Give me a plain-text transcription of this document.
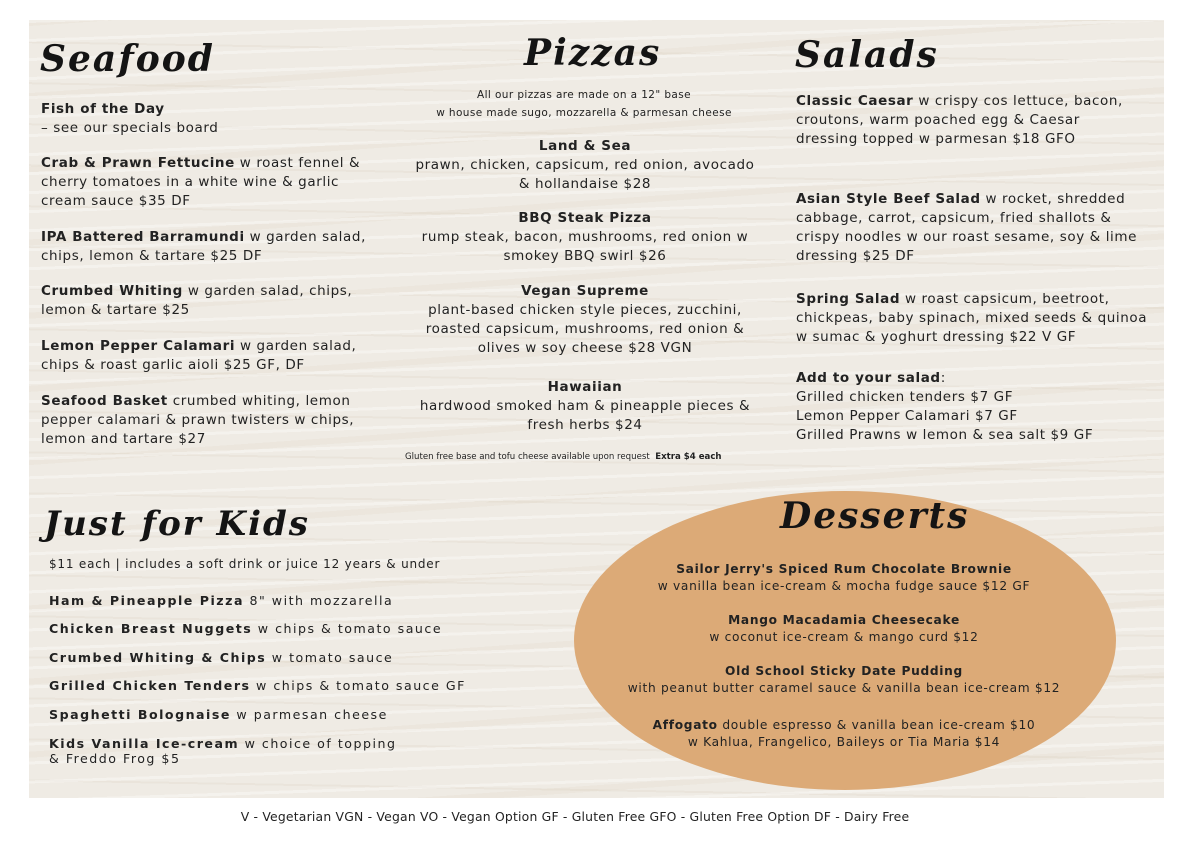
Seafood

Fish of the Day
– see our specials board

Crab & Prawn Fettucine w roast fennel & cherry tomatoes in a white wine & garlic cream sauce $35 DF

IPA Battered Barramundi w garden salad, chips, lemon & tartare $25 DF

Crumbed Whiting w garden salad, chips, lemon & tartare $25

Lemon Pepper Calamari w garden salad, chips & roast garlic aioli $25 GF, DF

Seafood Basket crumbed whiting, lemon pepper calamari & prawn twisters w chips, lemon and tartare $27

Pizzas
All our pizzas are made on a 12" base
w house made sugo, mozzarella & parmesan cheese

Land & Sea
prawn, chicken, capsicum, red onion, avocado & hollandaise $28

BBQ Steak Pizza
rump steak, bacon, mushrooms, red onion w smokey BBQ swirl $26

Vegan Supreme
plant-based chicken style pieces, zucchini, roasted capsicum, mushrooms, red onion & olives w soy cheese $28 VGN

Hawaiian
hardwood smoked ham & pineapple pieces & fresh herbs $24

Gluten free base and tofu cheese available upon request Extra $4 each
Salads

Classic Caesar w crispy cos lettuce, bacon, croutons, warm poached egg & Caesar dressing topped w parmesan $18 GFO

Asian Style Beef Salad w rocket, shredded cabbage, carrot, capsicum, fried shallots & crispy noodles w our roast sesame, soy & lime dressing $25 DF

Spring Salad w roast capsicum, beetroot, chickpeas, baby spinach, mixed seeds & quinoa w sumac & yoghurt dressing $22 V GF

Add to your salad:
Grilled chicken tenders $7 GF
Lemon Pepper Calamari $7 GF
Grilled Prawns w lemon & sea salt $9 GF
Just for Kids
$11 each | includes a soft drink or juice 12 years & under
Ham & Pineapple Pizza 8" with mozzarella
Chicken Breast Nuggets w chips & tomato sauce
Crumbed Whiting & Chips w tomato sauce
Grilled Chicken Tenders w chips & tomato sauce GF
Spaghetti Bolognaise w parmesan cheese
Kids Vanilla Ice-cream w choice of topping
& Freddo Frog $5
Desserts
Sailor Jerry's Spiced Rum Chocolate Brownie
w vanilla bean ice-cream & mocha fudge sauce $12 GF
Mango Macadamia Cheesecake
w coconut ice-cream & mango curd $12
Old School Sticky Date Pudding
with peanut butter caramel sauce & vanilla bean ice-cream $12
Affogato double espresso & vanilla bean ice-cream $10
w Kahlua, Frangelico, Baileys or Tia Maria $14
V - Vegetarian VGN - Vegan VO - Vegan Option GF - Gluten Free GFO - Gluten Free Option DF - Dairy Free
